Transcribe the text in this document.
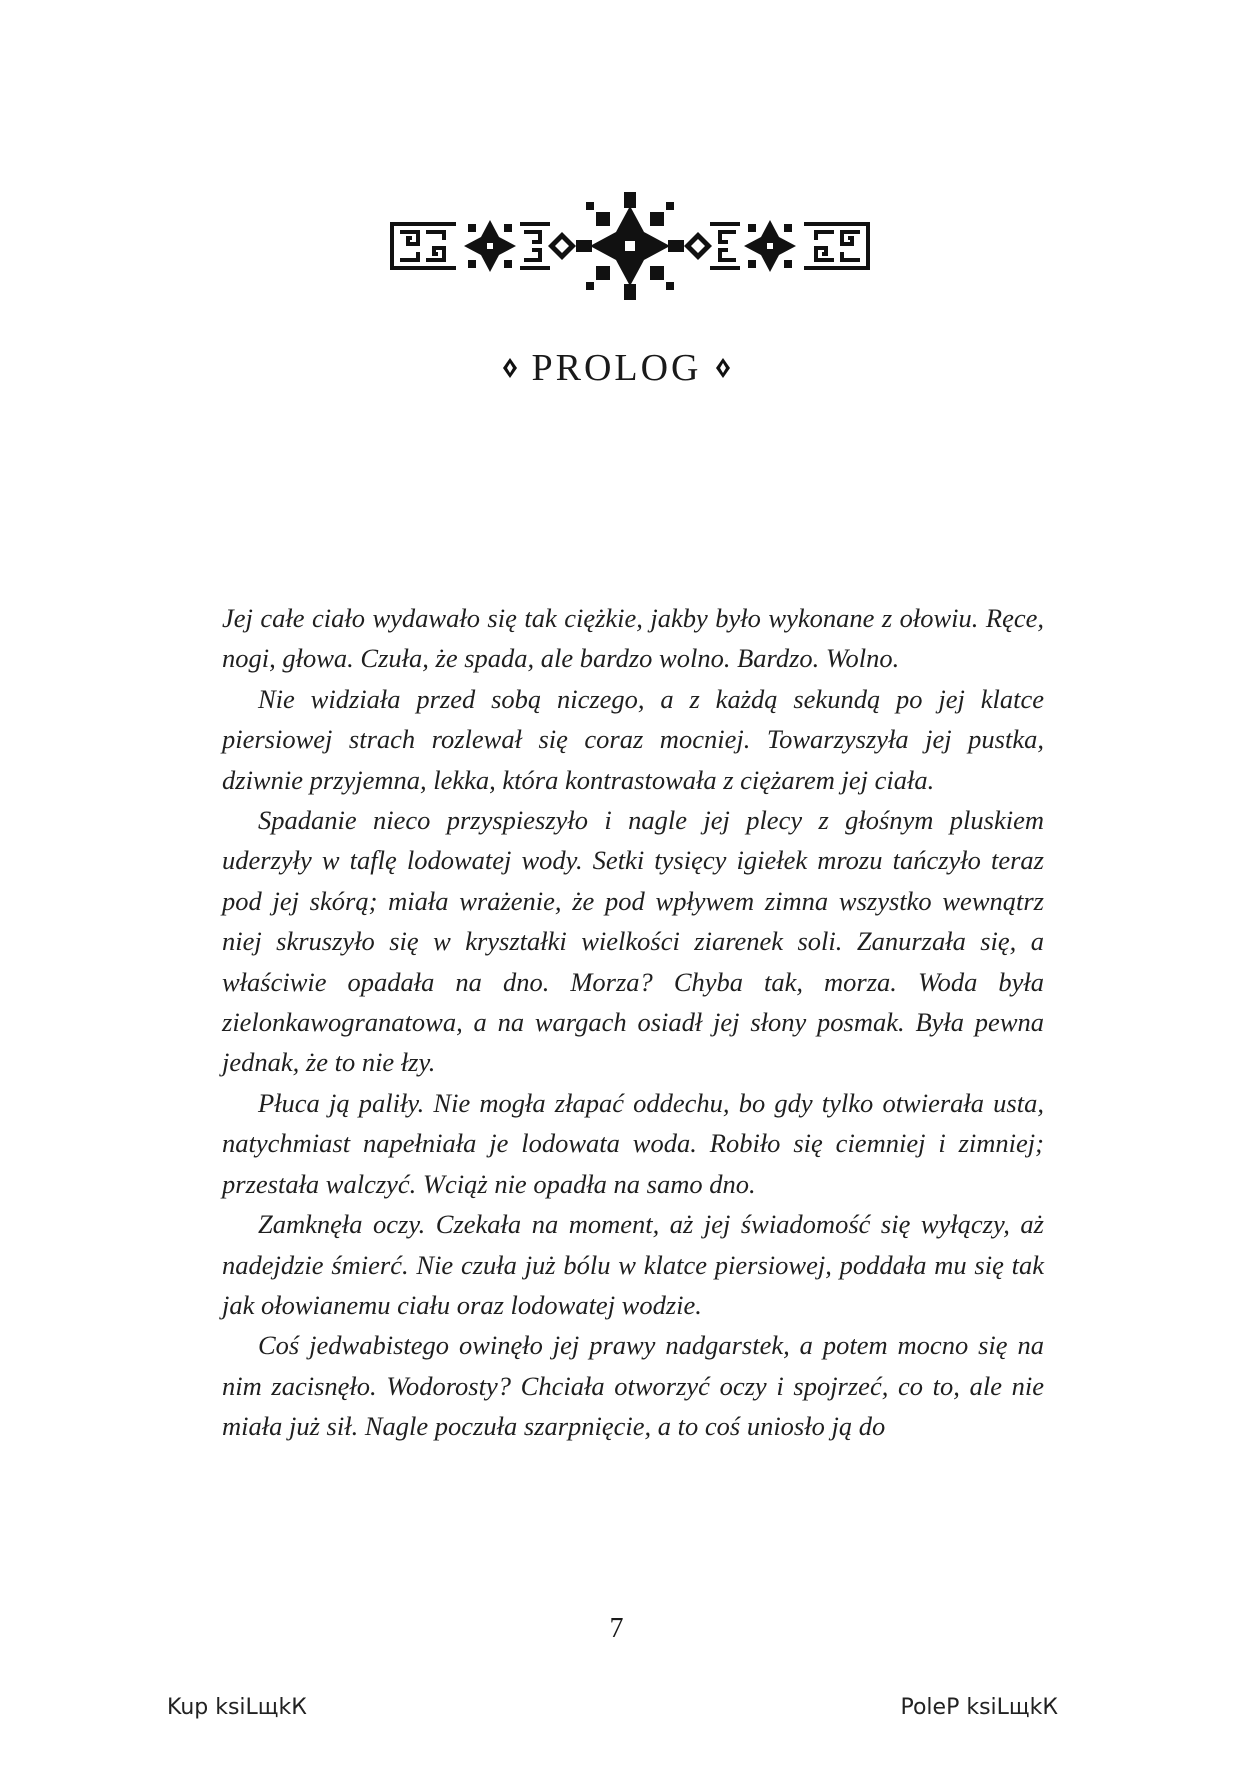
PROLOG

Jej całe ciało wydawało się tak ciężkie, jakby było wykonane z ołowiu. Ręce, nogi, głowa. Czuła, że spada, ale bardzo wolno. Bardzo. Wolno.

Nie widziała przed sobą niczego, a z każdą sekundą po jej klatce piersiowej strach rozlewał się coraz mocniej. Towarzyszyła jej pustka, dziwnie przyjemna, lekka, która kontrastowała z ciężarem jej ciała.

Spadanie nieco przyspieszyło i nagle jej plecy z głośnym pluskiem uderzyły w taflę lodowatej wody. Setki tysięcy igiełek mrozu tańczyło teraz pod jej skórą; miała wrażenie, że pod wpływem zimna wszystko wewnątrz niej skruszyło się w kryształki wielkości ziarenek soli. Zanurzała się, a właściwie opadała na dno. Morza? Chyba tak, morza. Woda była zielonkawogranatowa, a na wargach osiadł jej słony posmak. Była pewna jednak, że to nie łzy.

Płuca ją paliły. Nie mogła złapać oddechu, bo gdy tylko otwierała usta, natychmiast napełniała je lodowata woda. Robiło się ciemniej i zimniej; przestała walczyć. Wciąż nie opadła na samo dno.

Zamknęła oczy. Czekała na moment, aż jej świadomość się wyłączy, aż nadejdzie śmierć. Nie czuła już bólu w klatce piersiowej, poddała mu się tak jak ołowianemu ciału oraz lodowatej wodzie.

Coś jedwabistego owinęło jej prawy nadgarstek, a potem mocno się na nim zacisnęło. Wodorosty? Chciała otworzyć oczy i spojrzeć, co to, ale nie miała już sił. Nagle poczuła szarpnięcie, a to coś uniosło ją do

7
Kup ksiLщkК	PoleР ksiLщkК
